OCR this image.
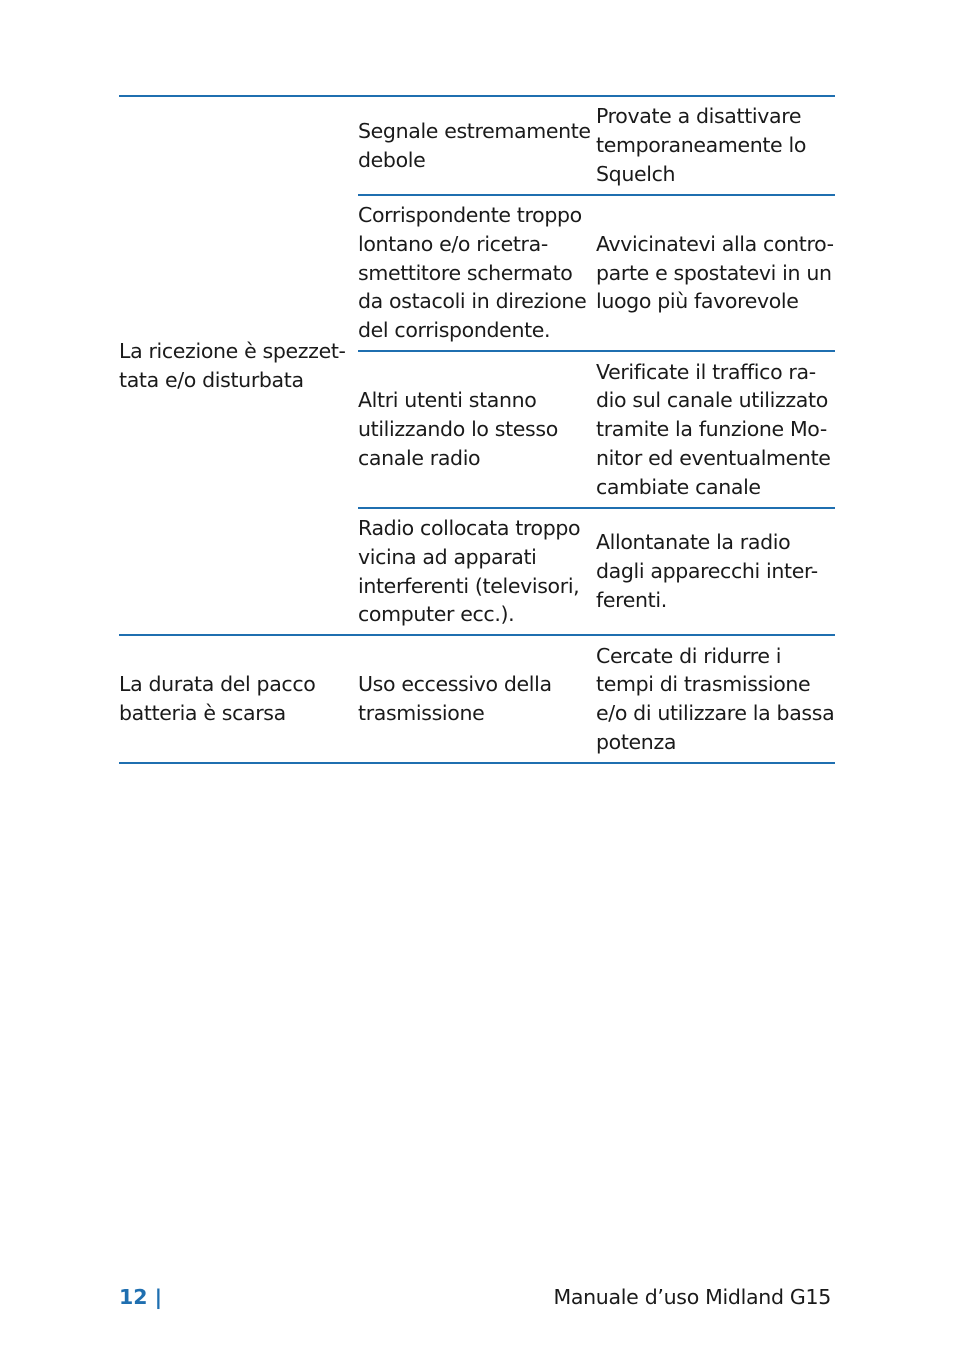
La ricezione è spezzet-
tata e/o disturbata
Segnale estremamente
debole
Provate a disattivare
temporaneamente lo
Squelch
Corrispondente troppo
lontano e/o ricetra-
smettitore schermato
da ostacoli in direzione
del corrispondente.
Avvicinatevi alla contro-
parte e spostatevi in un
luogo più favorevole
Altri utenti stanno
utilizzando lo stesso
canale radio
Verificate il traffico ra-
dio sul canale utilizzato
tramite la funzione Mo-
nitor ed eventualmente
cambiate canale
Radio collocata troppo
vicina ad apparati
interferenti (televisori,
computer ecc.).
Allontanate la radio
dagli apparecchi inter-
ferenti.
La durata del pacco
batteria è scarsa
Uso eccessivo della
trasmissione
Cercate di ridurre i
tempi di trasmissione
e/o di utilizzare la bassa
potenza
12 |	Manuale d’uso Midland G15
